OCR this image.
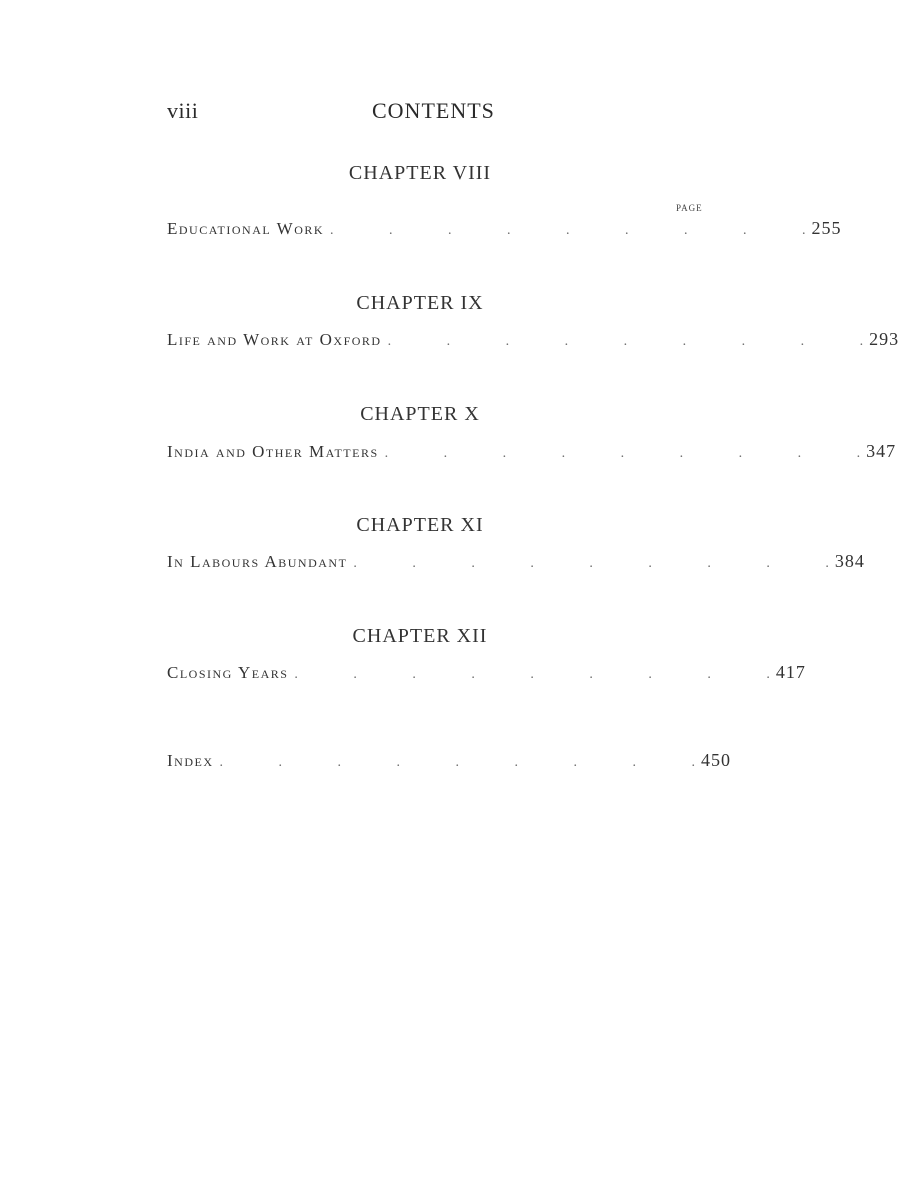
viii	CONTENTS
CHAPTER VIII
PAGE
Educational Work . . . . . . . . . 255
CHAPTER IX
Life and Work at Oxford . . . . . . . . . 293
CHAPTER X
India and Other Matters . . . . . . . . . 347
CHAPTER XI
In Labours Abundant . . . . . . . . . 384
CHAPTER XII
Closing Years . . . . . . . . . 417
Index . . . . . . . . . 450
